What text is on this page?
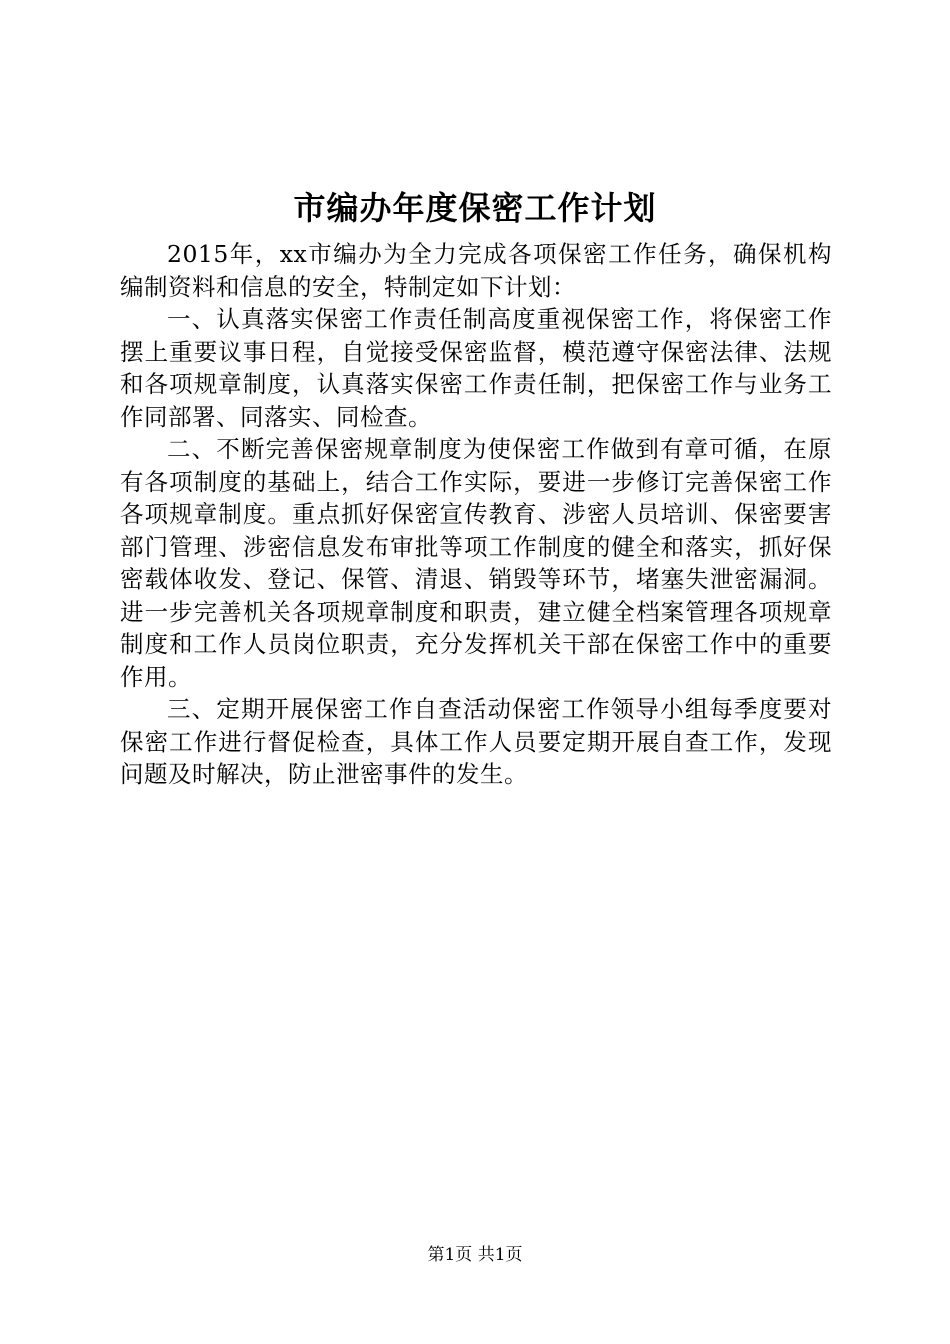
市编办年度保密工作计划

2015年，xx市编办为全力完成各项保密工作任务，确保机构编制资料和信息的安全，特制定如下计划：

一、认真落实保密工作责任制高度重视保密工作，将保密工作摆上重要议事日程，自觉接受保密监督，模范遵守保密法律、法规和各项规章制度，认真落实保密工作责任制，把保密工作与业务工作同部署、同落实、同检查。

二、不断完善保密规章制度为使保密工作做到有章可循，在原有各项制度的基础上，结合工作实际，要进一步修订完善保密工作各项规章制度。重点抓好保密宣传教育、涉密人员培训、保密要害部门管理、涉密信息发布审批等项工作制度的健全和落实，抓好保密载体收发、登记、保管、清退、销毁等环节，堵塞失泄密漏洞。进一步完善机关各项规章制度和职责，建立健全档案管理各项规章制度和工作人员岗位职责，充分发挥机关干部在保密工作中的重要作用。

三、定期开展保密工作自查活动保密工作领导小组每季度要对保密工作进行督促检查，具体工作人员要定期开展自查工作，发现问题及时解决，防止泄密事件的发生。

第1页 共1页
